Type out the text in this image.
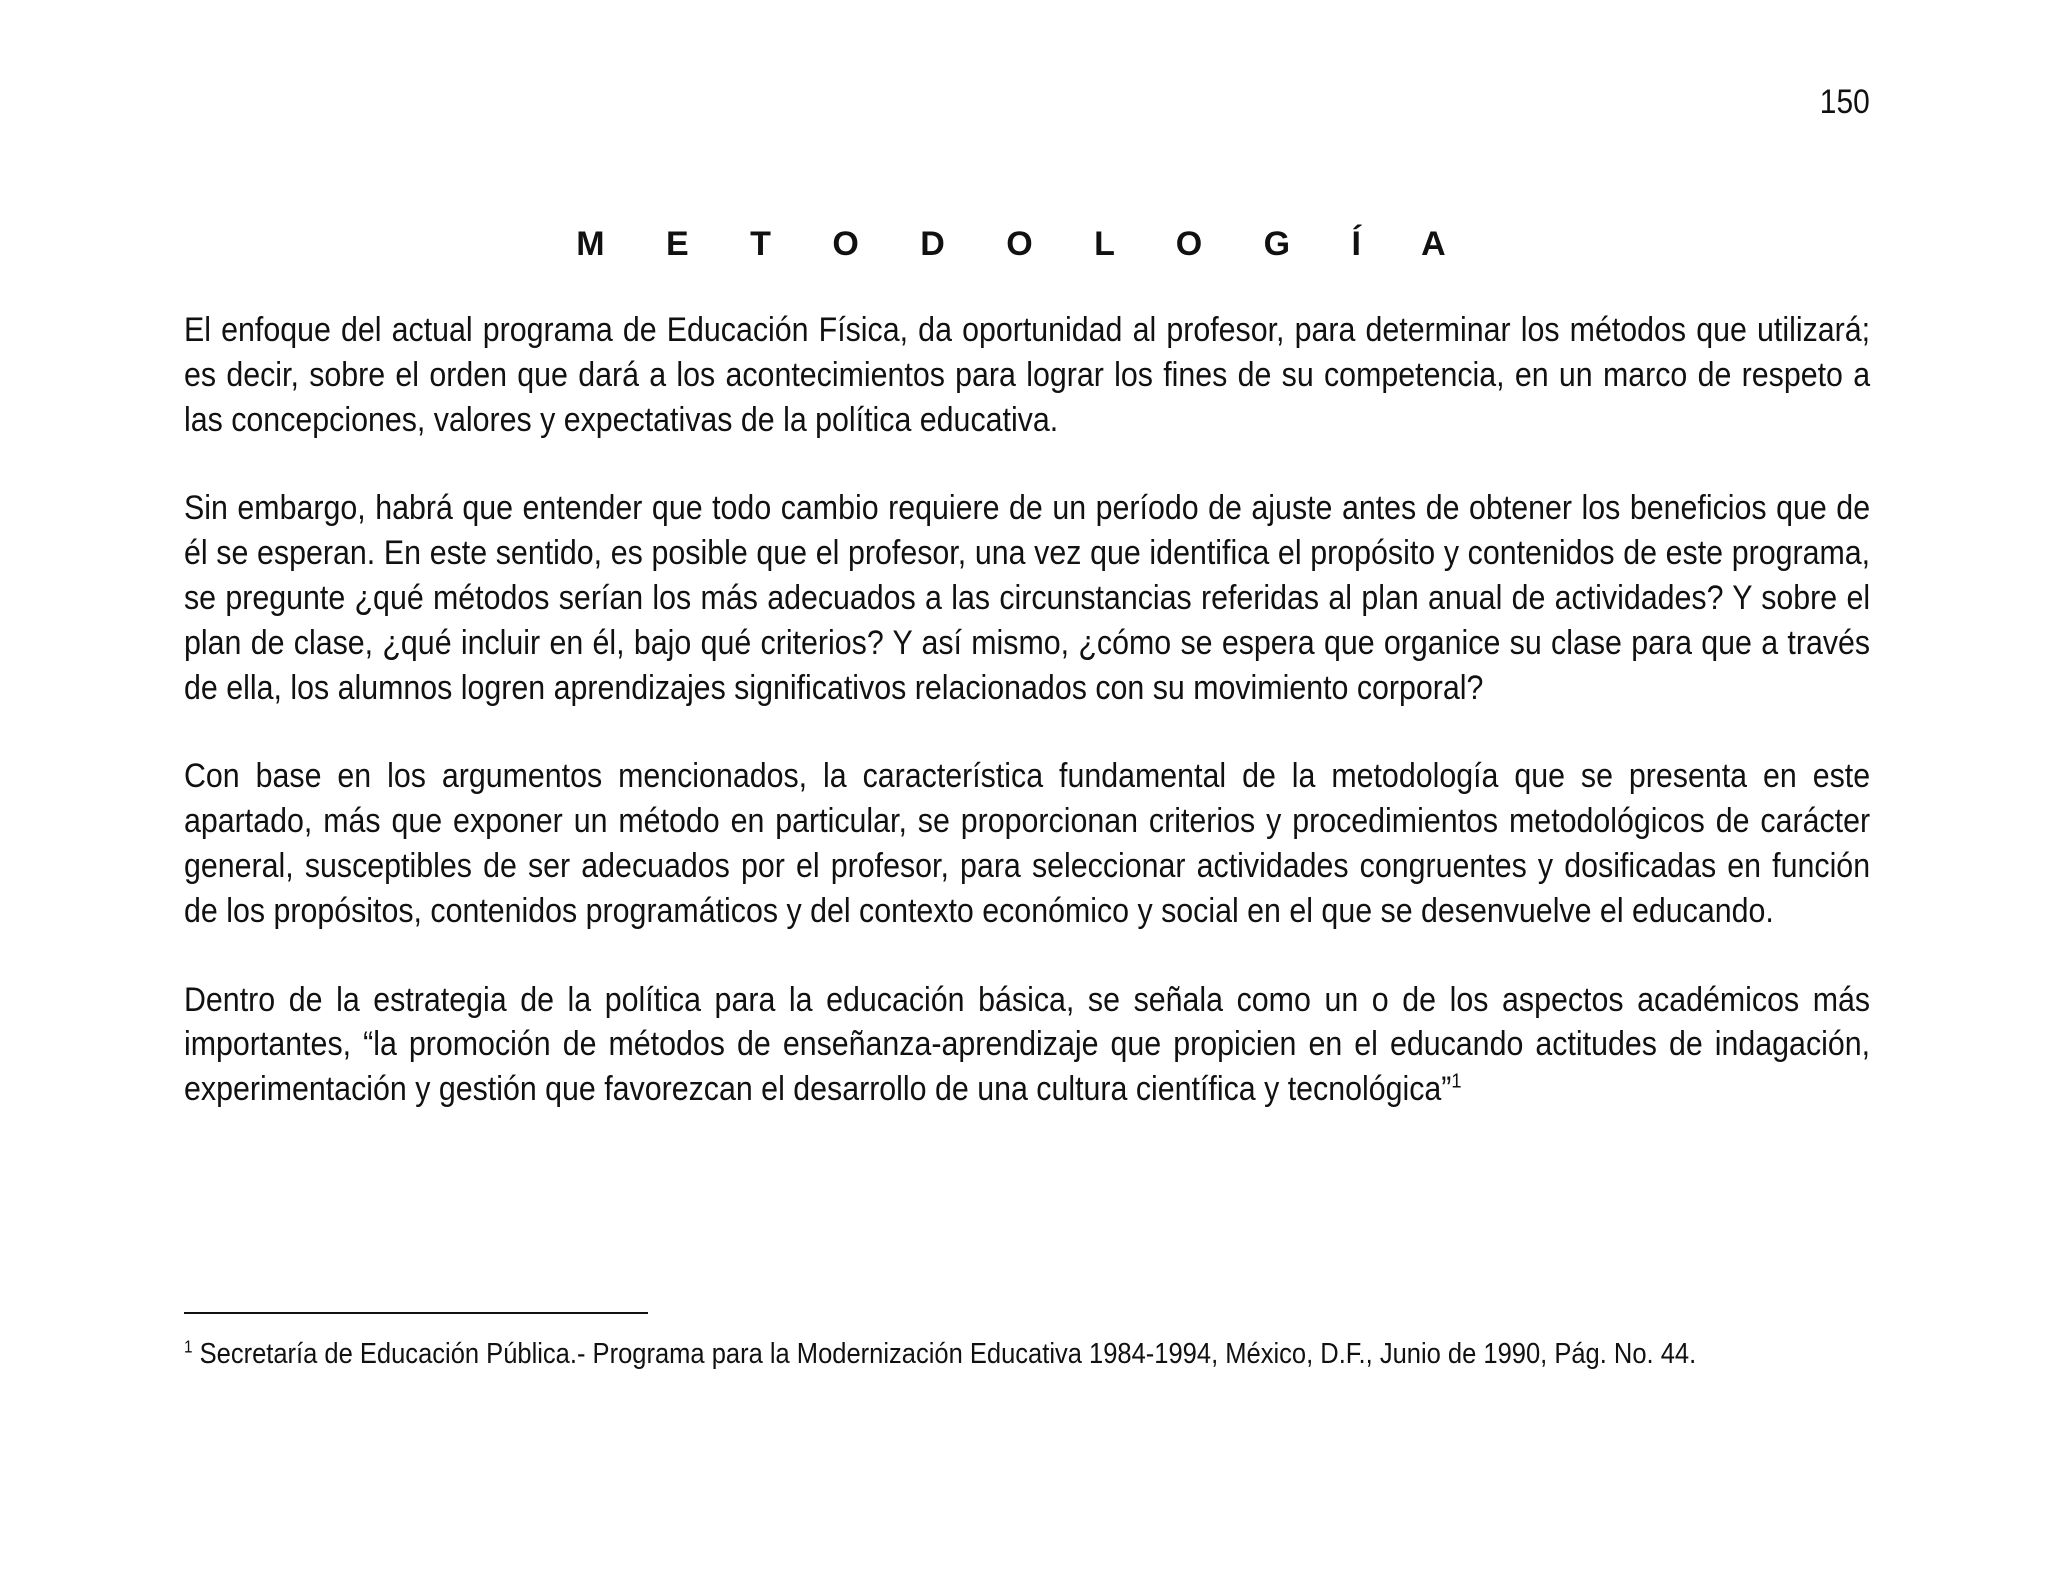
150
M E T O D O L O G Í A

El enfoque del actual programa de Educación Física, da oportunidad al profesor, para determinar los métodos que utilizará; es decir, sobre el orden que dará a los acontecimientos para lograr los fines de su competencia, en un marco de respeto a las concepciones, valores y expectativas de la política educativa.

Sin embargo, habrá que entender que todo cambio requiere de un período de ajuste antes de obtener los beneficios que de él se esperan. En este sentido, es posible que el profesor, una vez que identifica el propósito y contenidos de este programa, se pregunte ¿qué métodos serían los más adecuados a las circunstancias referidas al plan anual de actividades? Y sobre el plan de clase, ¿qué incluir en él, bajo qué criterios? Y así mismo, ¿cómo se espera que organice su clase para que a través de ella, los alumnos logren aprendizajes significativos relacionados con su movimiento corporal?

Con base en los argumentos mencionados, la característica fundamental de la metodología que se presenta en este apartado, más que exponer un método en particular, se proporcionan criterios y procedimientos metodológicos de carácter general, susceptibles de ser adecuados por el profesor, para seleccionar actividades congruentes y dosificadas en función de los propósitos, contenidos programáticos y del contexto económico y social en el que se desenvuelve el educando.

Dentro de la estrategia de la política para la educación básica, se señala como un o de los aspectos académicos más importantes, “la promoción de métodos de enseñanza-aprendizaje que propicien en el educando actitudes de indagación, experimentación y gestión que favorezcan el desarrollo de una cultura científica y tecnológica”$^1$

$^1$ Secretaría de Educación Pública.- Programa para la Modernización Educativa 1984-1994, México, D.F., Junio de 1990, Pág. No. 44.
